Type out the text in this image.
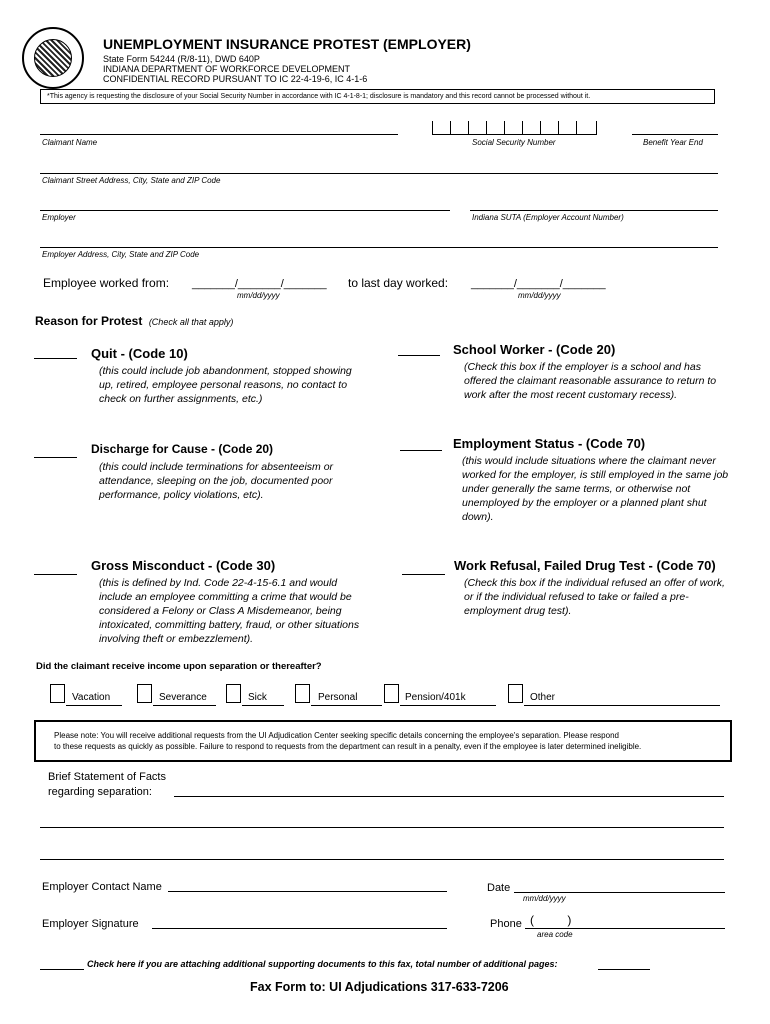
UNEMPLOYMENT INSURANCE PROTEST (EMPLOYER)
State Form 54244 (R/8-11), DWD 640P
INDIANA DEPARTMENT OF WORKFORCE DEVELOPMENT
CONFIDENTIAL RECORD PURSUANT TO IC 22-4-19-6, IC 4-1-6
*This agency is requesting the disclosure of your Social Security Number in accordance with IC 4-1-8-1; disclosure is mandatory and this record cannot be processed without it.
Claimant Name	Social Security Number	Benefit Year End
Claimant Street Address, City, State and ZIP Code
Employer	Indiana SUTA (Employer Account Number)
Employer Address, City, State and ZIP Code
Employee worked from: _______/_______/_______
mm/dd/yyyy
to last day worked: _______/_______/_______
mm/dd/yyyy
Reason for Protest (Check all that apply)
Quit - (Code 10)
(this could include job abandonment, stopped showing up, retired, employee personal reasons, no contact to check on further assignments, etc.)
School Worker - (Code 20)
(Check this box if the employer is a school and has offered the claimant reasonable assurance to return to work after the most recent customary recess).
Discharge for Cause - (Code 20)
(this could include terminations for absenteeism or attendance, sleeping on the job, documented poor performance, policy violations, etc).
Employment Status - (Code 70)
(this would include situations where the claimant never worked for the employer, is still employed in the same job under generally the same terms, or otherwise not unemployed by the employer or a planned plant shut down).
Gross Misconduct - (Code 30)
(this is defined by Ind. Code 22-4-15-6.1 and would include an employee committing a crime that would be considered a Felony or Class A Misdemeanor, being intoxicated, committing battery, fraud, or other situations involving theft or embezzlement).
Work Refusal, Failed Drug Test - (Code 70)
(Check this box if the individual refused an offer of work, or if the individual refused to take or failed a pre-employment drug test).
Did the claimant receive income upon separation or thereafter?
Vacation	Severance	Sick	Personal	Pension/401k	Other
Please note: You will receive additional requests from the UI Adjudication Center seeking specific details concerning the employee's separation. Please respond
to these requests as quickly as possible. Failure to respond to requests from the department can result in a penalty, even if the employee is later determined ineligible.
Brief Statement of Facts
regarding separation:
Employer Contact Name	Date
mm/dd/yyyy
Employer Signature	Phone (          )
area code
Check here if you are attaching additional supporting documents to this fax, total number of additional pages:
Fax Form to: UI Adjudications 317-633-7206
